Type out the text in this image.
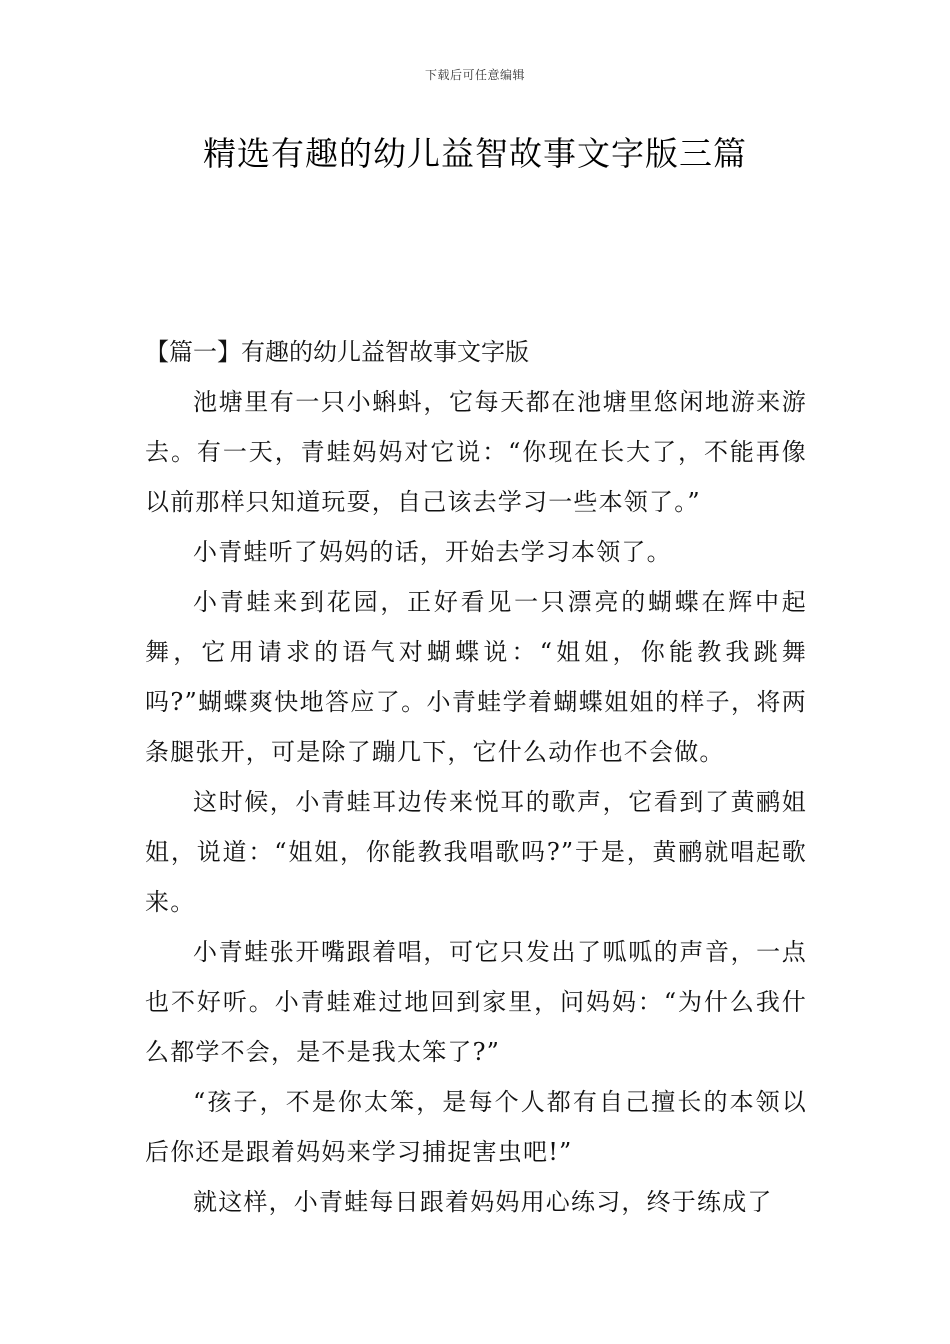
下载后可任意编辑
精选有趣的幼儿益智故事文字版三篇

【篇一】有趣的幼儿益智故事文字版

池塘里有一只小蝌蚪，它每天都在池塘里悠闲地游来游去。有一天，青蛙妈妈对它说：“你现在长大了，不能再像以前那样只知道玩耍，自己该去学习一些本领了。”

小青蛙听了妈妈的话，开始去学习本领了。

小青蛙来到花园，正好看见一只漂亮的蝴蝶在辉中起舞，它用请求的语气对蝴蝶说：“姐姐，你能教我跳舞吗?”蝴蝶爽快地答应了。小青蛙学着蝴蝶姐姐的样子，将两条腿张开，可是除了蹦几下，它什么动作也不会做。

这时候，小青蛙耳边传来悦耳的歌声，它看到了黄鹂姐姐，说道：“姐姐，你能教我唱歌吗?”于是，黄鹂就唱起歌来。

小青蛙张开嘴跟着唱，可它只发出了呱呱的声音，一点也不好听。小青蛙难过地回到家里，问妈妈：“为什么我什么都学不会，是不是我太笨了?”

“孩子，不是你太笨，是每个人都有自己擅长的本领以后你还是跟着妈妈来学习捕捉害虫吧!”

就这样，小青蛙每日跟着妈妈用心练习，终于练成了
